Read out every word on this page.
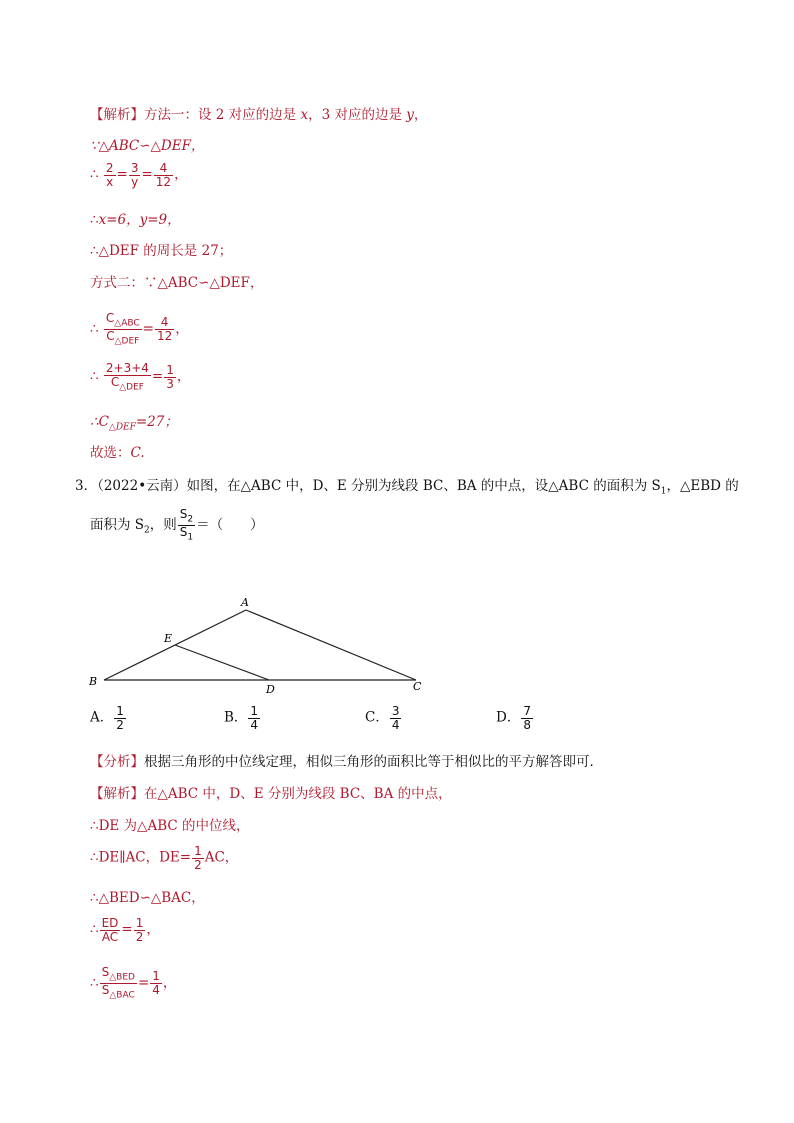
【解析】方法一：设 2 对应的边是 x，3 对应的边是 y，
∵△ABC∽△DEF，
∴ $\frac{2}{x} = \frac{3}{y} = \frac{4}{12}$ ，
∴x=6，y=9，
∴△DEF 的周长是 27；
方式二：∵△ABC∽△DEF，
∴ $\frac{C_{\triangle ABC}}{C_{\triangle DEF}} = \frac{4}{12}$ ，
∴ $\frac{2+3+4}{C_{\triangle DEF}} = \frac{1}{3}$ ，
$\therefore C_{\triangle DEF}=27$；
故选：C.
3．（2022•云南）如图，在△ABC 中，D、E 分别为线段 BC、BA 的中点，设△ABC 的面积为 $S_1$，△EBD 的
面积为 $S_2$，则 $\frac{S_2}{S_1}$ ＝（　　）
A
E
B
D	C
A． $\frac{1}{2}$	B． $\frac{1}{4}$	C． $\frac{3}{4}$	D． $\frac{7}{8}$
【分析】根据三角形的中位线定理，相似三角形的面积比等于相似比的平方解答即可．
【解析】在△ABC 中，D、E 分别为线段 BC、BA 的中点，
∴DE 为△ABC 的中位线，
∴DE∥AC，$DE= \frac{1}{2}$ AC，
∴△BED∽△BAC，
∴ $\frac{ED}{AC} = \frac{1}{2}$ ，
∴ $\frac{S_{\triangle BED}}{S_{\triangle BAC}} = \frac{1}{4}$ ，
